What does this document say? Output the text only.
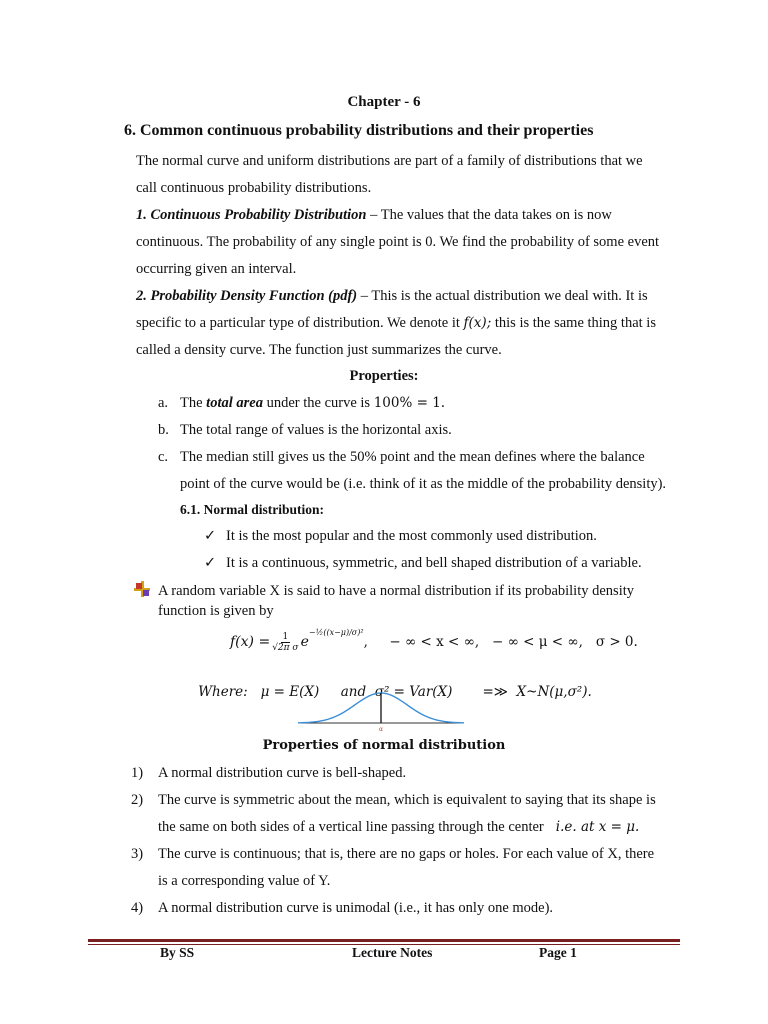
Chapter - 6
6. Common continuous probability distributions and their properties
The normal curve and uniform distributions are part of a family of distributions that we
call continuous probability distributions.
1. Continuous Probability Distribution – The values that the data takes on is now
continuous. The probability of any single point is 0. We find the probability of some event
occurring given an interval.
2. Probability Density Function (pdf) – This is the actual distribution we deal with. It is
specific to a particular type of distribution. We denote it f(x); this is the same thing that is
called a density curve. The function just summarizes the curve.
Properties:
a. The total area under the curve is 100% = 1.
b. The total range of values is the horizontal axis.
c. The median still gives us the 50% point and the mean defines where the balance
point of the curve would be (i.e. think of it as the middle of the probability density).
6.1. Normal distribution:
✓ It is the most popular and the most commonly used distribution.
✓ It is a continuous, symmetric, and bell shaped distribution of a variable.
A random variable X is said to have a normal distribution if its probability density
function is given by
$f(x) = \frac{1}{\text{√2π σ}}$ e
−½((x−μ)/σ)²
,     − ∞ < x < ∞,   − ∞ < μ < ∞,   σ > 0.

Where: μ = E(X) and σ² = Var(X) =≫ X~N(μ,σ²).

α
Properties of normal distribution
1) A normal distribution curve is bell-shaped.
2) The curve is symmetric about the mean, which is equivalent to saying that its shape is
the same on both sides of a vertical line passing through the center i.e. at x = μ.
3) The curve is continuous; that is, there are no gaps or holes. For each value of X, there
is a corresponding value of Y.
4) A normal distribution curve is unimodal (i.e., it has only one mode).
By SS	Lecture Notes	Page 1
